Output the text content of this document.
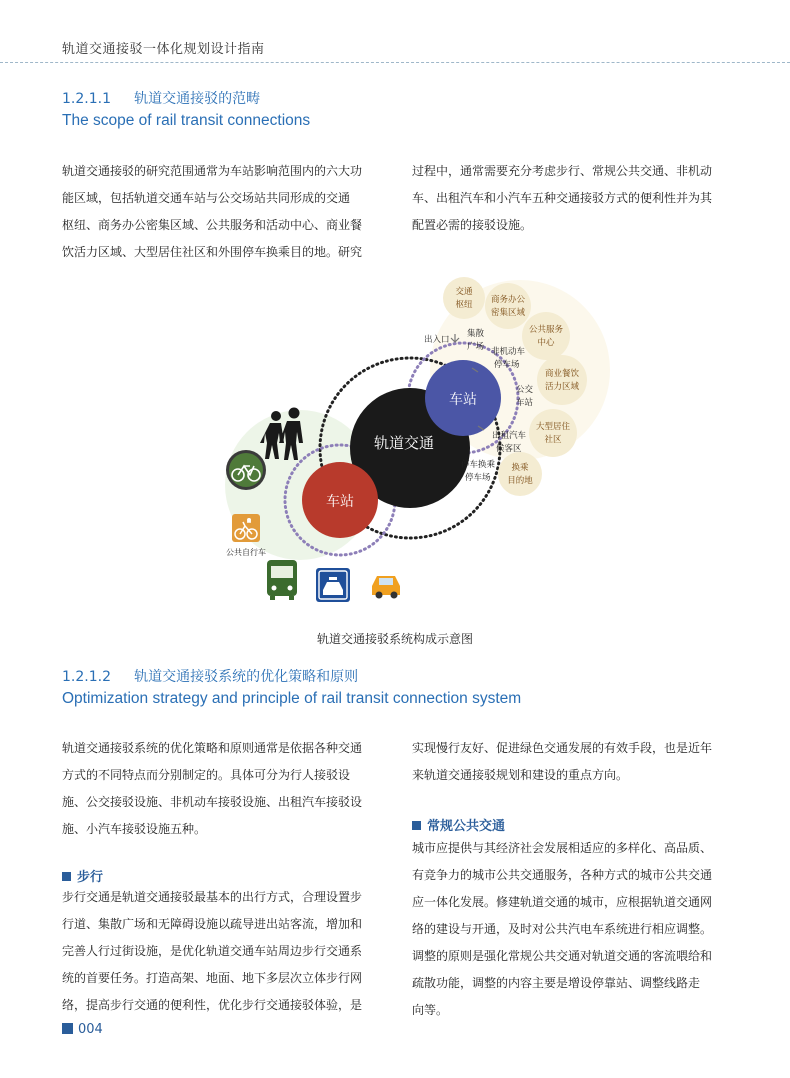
轨道交通接驳一体化规划设计指南
1.2.1.1 轨道交通接驳的范畴
The scope of rail transit connections
轨道交通接驳的研究范围通常为车站影响范围内的六大功
能区域，包括轨道交通车站与公交场站共同形成的交通
枢纽、商务办公密集区域、公共服务和活动中心、商业餐
饮活力区域、大型居住社区和外围停车换乘目的地。研究
过程中，通常需要充分考虑步行、常规公共交通、非机动
车、出租汽车和小汽车五种交通接驳方式的便利性并为其
配置必需的接驳设施。
轨道交通
车站
车站
交通
枢纽 商务办公
密集区域
公共服务
中心
商业餐饮
活力区域
大型居住
社区
换乘
目的地
出入口
集散
广场 非机动车
停车场
公交
车站
出租汽车
候客区
停车换乘
停车场
公共自行车
轨道交通接驳系统构成示意图
1.2.1.2 轨道交通接驳系统的优化策略和原则
Optimization strategy and principle of rail transit connection system
轨道交通接驳系统的优化策略和原则通常是依据各种交通
方式的不同特点而分别制定的。具体可分为行人接驳设
施、公交接驳设施、非机动车接驳设施、出租汽车接驳设
施、小汽车接驳设施五种。
步行
步行交通是轨道交通接驳最基本的出行方式，合理设置步
行道、集散广场和无障碍设施以疏导进出站客流，增加和
完善人行过街设施，是优化轨道交通车站周边步行交通系
统的首要任务。打造高架、地面、地下多层次立体步行网
络，提高步行交通的便利性，优化步行交通接驳体验，是
实现慢行友好、促进绿色交通发展的有效手段，也是近年
来轨道交通接驳规划和建设的重点方向。
常规公共交通
城市应提供与其经济社会发展相适应的多样化、高品质、
有竞争力的城市公共交通服务，各种方式的城市公共交通
应一体化发展。修建轨道交通的城市，应根据轨道交通网
络的建设与开通，及时对公共汽电车系统进行相应调整。
调整的原则是强化常规公共交通对轨道交通的客流喂给和
疏散功能，调整的内容主要是增设停靠站、调整线路走
向等。
004
